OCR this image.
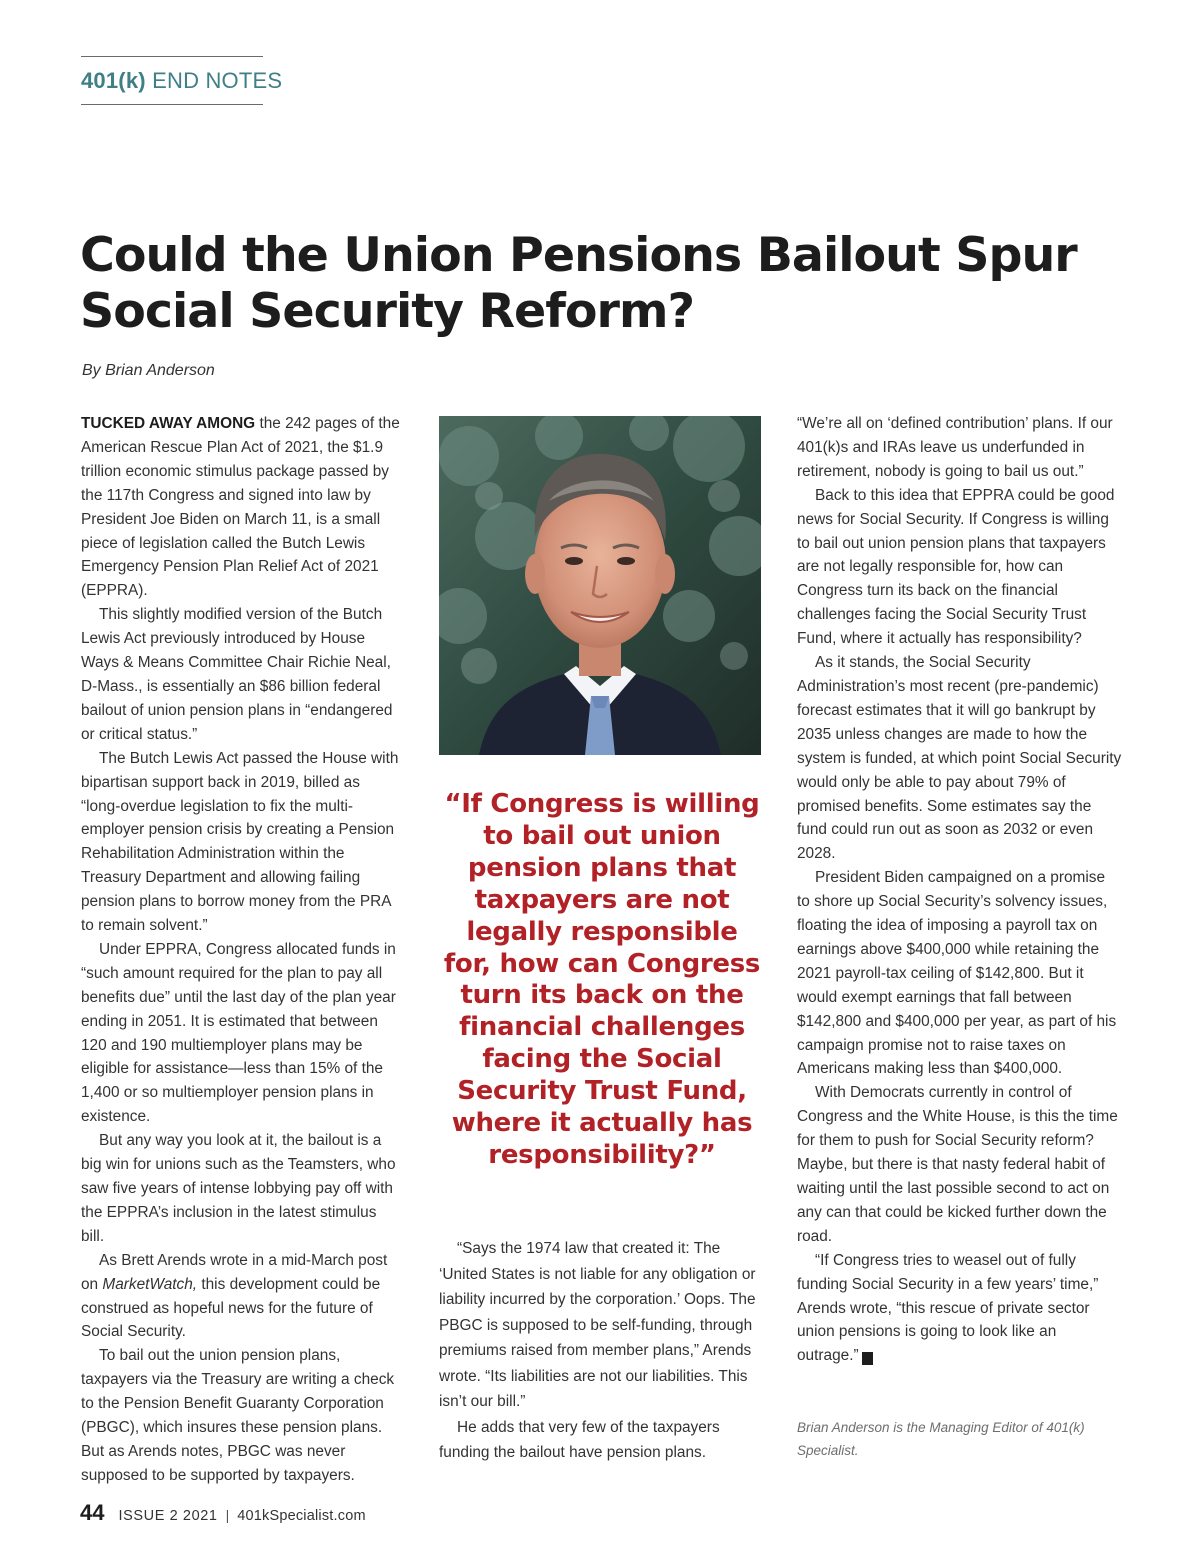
401(k) END NOTES
Could the Union Pensions Bailout Spur
Social Security Reform?
By Brian Anderson

TUCKED AWAY AMONG the 242 pages of the American Rescue Plan Act of 2021, the $1.9 trillion economic stimulus package passed by the 117th Congress and signed into law by President Joe Biden on March 11, is a small piece of legislation called the Butch Lewis Emergency Pension Plan Relief Act of 2021 (EPPRA).

This slightly modified version of the Butch Lewis Act previously introduced by House Ways & Means Committee Chair Richie Neal, D-Mass., is essentially an $86 billion federal bailout of union pension plans in “endangered or critical status.”

The Butch Lewis Act passed the House with bipartisan support back in 2019, billed as “long-overdue legislation to fix the multi-employer pension crisis by creating a Pension Rehabilitation Administration within the Treasury Department and allowing failing pension plans to borrow money from the PRA to remain solvent.”

Under EPPRA, Congress allocated funds in “such amount required for the plan to pay all benefits due” until the last day of the plan year ending in 2051. It is estimated that between 120 and 190 multiemployer plans may be eligible for assistance—less than 15% of the 1,400 or so multiemployer pension plans in existence.

But any way you look at it, the bailout is a big win for unions such as the Teamsters, who saw five years of intense lobbying pay off with the EPPRA’s inclusion in the latest stimulus bill.

As Brett Arends wrote in a mid-March post on MarketWatch, this development could be construed as hopeful news for the future of Social Security.

To bail out the union pension plans, taxpayers via the Treasury are writing a check to the Pension Benefit Guaranty Corporation (PBGC), which insures these pension plans. But as Arends notes, PBGC was never supposed to be supported by taxpayers.

“If Congress is willing to bail out union pension plans that taxpayers are not legally responsible for, how can Congress turn its back on the financial challenges facing the Social Security Trust Fund, where it actually has responsibility?”

“Says the 1974 law that created it: The ‘United States is not liable for any obligation or liability incurred by the corporation.’ Oops. The PBGC is supposed to be self-funding, through premiums raised from member plans,” Arends wrote. “Its liabilities are not our liabilities. This isn’t our bill.”

He adds that very few of the taxpayers funding the bailout have pension plans.

“We’re all on ‘defined contribution’ plans. If our 401(k)s and IRAs leave us underfunded in retirement, nobody is going to bail us out.”

Back to this idea that EPPRA could be good news for Social Security. If Congress is willing to bail out union pension plans that taxpayers are not legally responsible for, how can Congress turn its back on the financial challenges facing the Social Security Trust Fund, where it actually has responsibility?

As it stands, the Social Security Administration’s most recent (pre-pandemic) forecast estimates that it will go bankrupt by 2035 unless changes are made to how the system is funded, at which point Social Security would only be able to pay about 79% of promised benefits. Some estimates say the fund could run out as soon as 2032 or even 2028.

President Biden campaigned on a promise to shore up Social Security’s solvency issues, floating the idea of imposing a payroll tax on earnings above $400,000 while retaining the 2021 payroll-tax ceiling of $142,800. But it would exempt earnings that fall between $142,800 and $400,000 per year, as part of his campaign promise not to raise taxes on Americans making less than $400,000.

With Democrats currently in control of Congress and the White House, is this the time for them to push for Social Security reform? Maybe, but there is that nasty federal habit of waiting until the last possible second to act on any can that could be kicked further down the road.

“If Congress tries to weasel out of fully funding Social Security in a few years’ time,” Arends wrote, “this rescue of private sector union pensions is going to look like an outrage.” K

Brian Anderson is the Managing Editor of 401(k) Specialist.
44 ISSUE 2 2021 | 401kSpecialist.com
